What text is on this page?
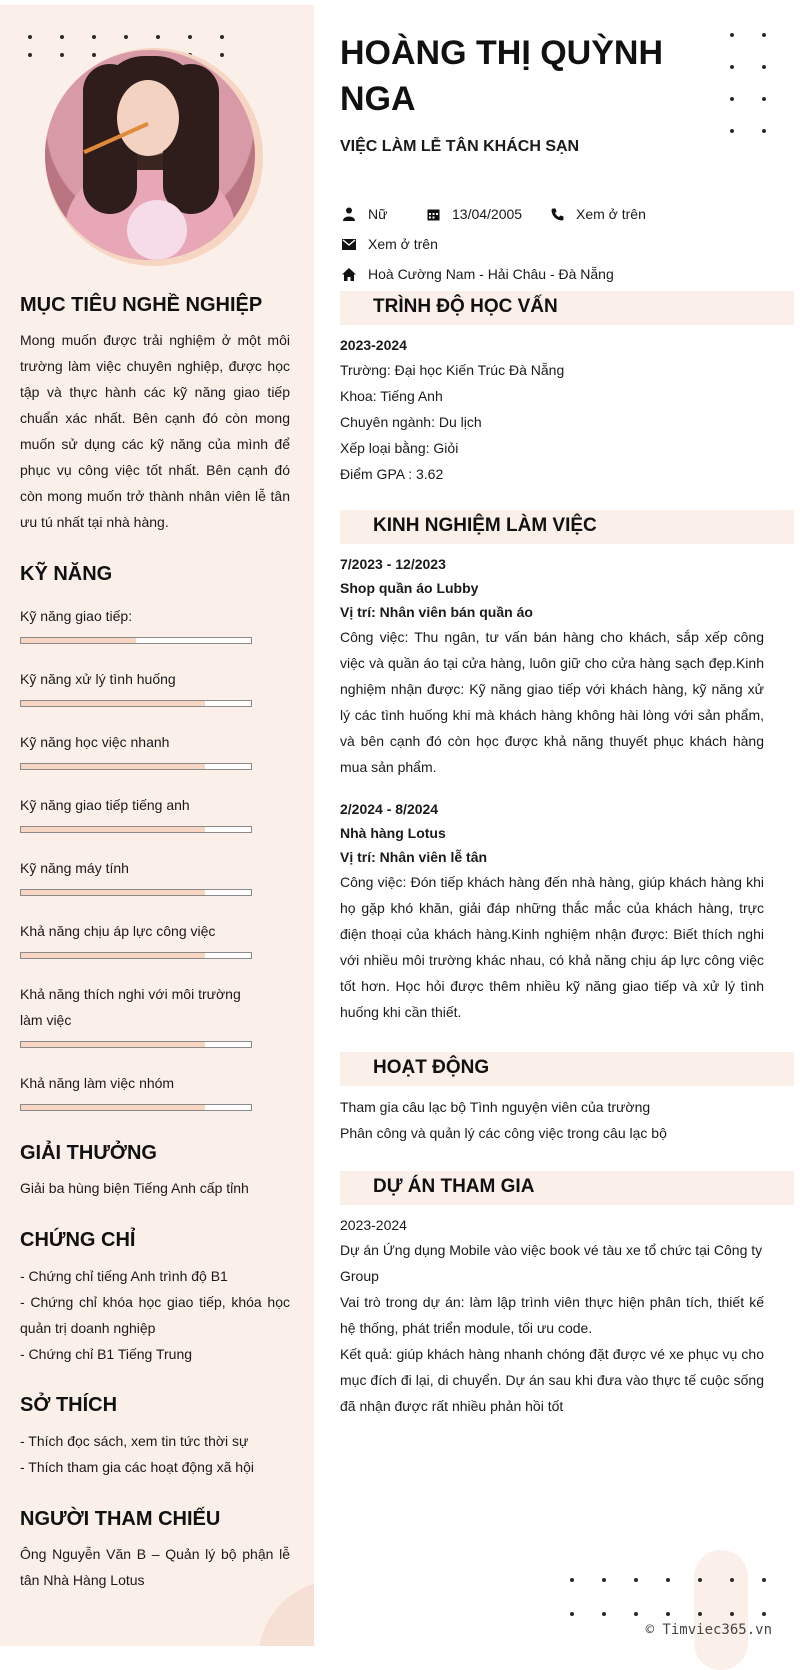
MỤC TIÊU NGHỀ NGHIỆP

Mong muốn được trải nghiệm ở một môi trường làm việc chuyên nghiệp, được học tập và thực hành các kỹ năng giao tiếp chuẩn xác nhất. Bên cạnh đó còn mong muốn sử dụng các kỹ năng của mình để phục vụ công việc tốt nhất. Bên cạnh đó còn mong muốn trở thành nhân viên lễ tân ưu tú nhất tại nhà hàng.

KỸ NĂNG

Kỹ năng giao tiếp:

Kỹ năng xử lý tình huống

Kỹ năng học việc nhanh

Kỹ năng giao tiếp tiếng anh

Kỹ năng máy tính

Khả năng chịu áp lực công việc

Khả năng thích nghi với môi trường làm việc

Khả năng làm việc nhóm

GIẢI THƯỞNG

Giải ba hùng biện Tiếng Anh cấp tỉnh

CHỨNG CHỈ

- Chứng chỉ tiếng Anh trình độ B1

- Chứng chỉ khóa học giao tiếp, khóa học quản trị doanh nghiệp

- Chứng chỉ B1 Tiếng Trung

SỞ THÍCH

- Thích đọc sách, xem tin tức thời sự

- Thích tham gia các hoạt động xã hội

NGƯỜI THAM CHIẾU

Ông Nguyễn Văn B – Quản lý bộ phận lễ tân Nhà Hàng Lotus

HOÀNG THỊ QUỲNH NGA

VIỆC LÀM LỄ TÂN KHÁCH SẠN

Nữ	13/04/2005	Xem ở trên
Xem ở trên
Hoà Cường Nam - Hải Châu - Đà Nẵng
TRÌNH ĐỘ HỌC VẤN

2023-2024

Trường: Đại học Kiến Trúc Đà Nẵng

Khoa: Tiếng Anh

Chuyên ngành: Du lịch

Xếp loại bằng: Giỏi

Điểm GPA : 3.62

KINH NGHIỆM LÀM VIỆC

7/2023 - 12/2023

Shop quần áo Lubby

Vị trí: Nhân viên bán quần áo

Công việc: Thu ngân, tư vấn bán hàng cho khách, sắp xếp công việc và quần áo tại cửa hàng, luôn giữ cho cửa hàng sạch đẹp.Kinh nghiệm nhận được: Kỹ năng giao tiếp với khách hàng, kỹ năng xử lý các tình huống khi mà khách hàng không hài lòng với sản phẩm, và bên cạnh đó còn học được khả năng thuyết phục khách hàng mua sản phẩm.

2/2024 - 8/2024

Nhà hàng Lotus

Vị trí: Nhân viên lễ tân

Công việc: Đón tiếp khách hàng đến nhà hàng, giúp khách hàng khi họ gặp khó khăn, giải đáp những thắc mắc của khách hàng, trực điện thoại của khách hàng.Kinh nghiệm nhận được: Biết thích nghi với nhiều môi trường khác nhau, có khả năng chịu áp lực công việc tốt hơn. Học hỏi được thêm nhiều kỹ năng giao tiếp và xử lý tình huống khi cần thiết.

HOẠT ĐỘNG

Tham gia câu lạc bộ Tình nguyện viên của trường

Phân công và quản lý các công việc trong câu lạc bộ

DỰ ÁN THAM GIA

2023-2024

Dự án Ứng dụng Mobile vào việc book vé tàu xe tổ chức tại Công ty Group

Vai trò trong dự án: làm lập trình viên thực hiện phân tích, thiết kế hệ thống, phát triển module, tối ưu code.

Kết quả: giúp khách hàng nhanh chóng đặt được vé xe phục vụ cho mục đích đi lại, di chuyển. Dự án sau khi đưa vào thực tế cuộc sống đã nhận được rất nhiều phản hồi tốt

© Timviec365.vn
